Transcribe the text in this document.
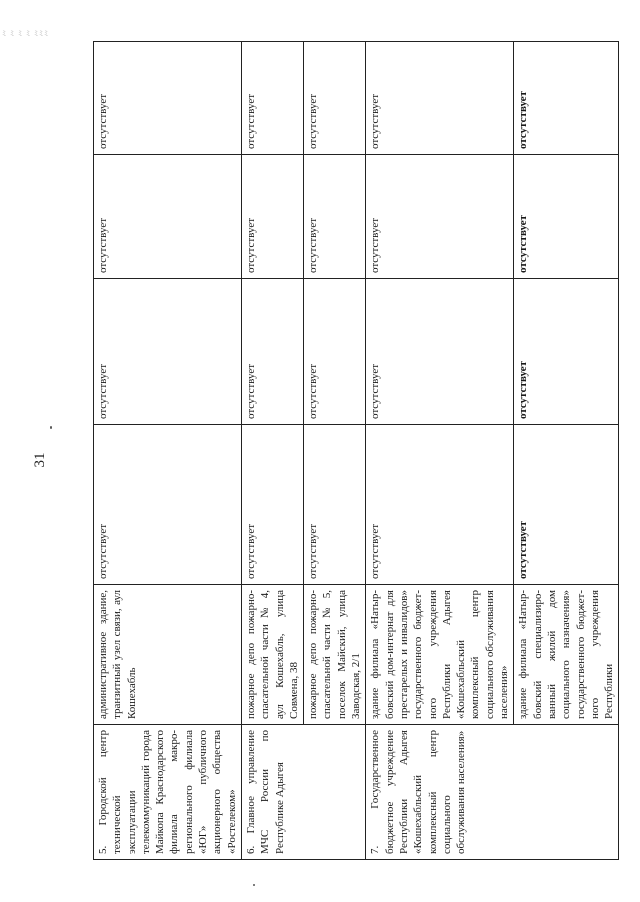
ﾐ ﾐ ﾐ ﾐ ﾐﾐﾐ
31
5. Городской центр технической эксплуатации телекоммуникаций города Майкопа Краснодарского филиала макро-регионального филиала «ЮГ» публичного акционерного общества «Ростелеком»	административное здание, транзитный узел связи, аул Кошехабль	отсутствует	отсутствует	отсутствует	отсутствует
6. Главное управление МЧС России по Республике Адыгея	пожарное депо пожарно-спасательной части № 4, аул Кошехабль, улица Совмена, 38	отсутствует	отсутствует	отсутствует	отсутствует
	пожарное депо пожарно-спасательной части № 5, поселок Майский, улица Заводская, 2/1	отсутствует	отсутствует	отсутствует	отсутствует
7. Государственное бюджетное учреждение Республики Адыгея «Кошехабльский комплексный центр социального обслуживания населения»	здание филиала «Натыр-бовский дом-интернат для престарелых и инвалидов» государственного бюджет-ного учреждения Республики Адыгея «Кошехабльский комплексный центр социального обслуживания населения»	отсутствует	отсутствует	отсутствует	отсутствует
	здание филиала «Натыр-бовский специализиро-ванный жилой дом социального назначения» государственного бюджет-ного учреждения Республики	отсутствует	отсутствует	отсутствует	отсутствует
